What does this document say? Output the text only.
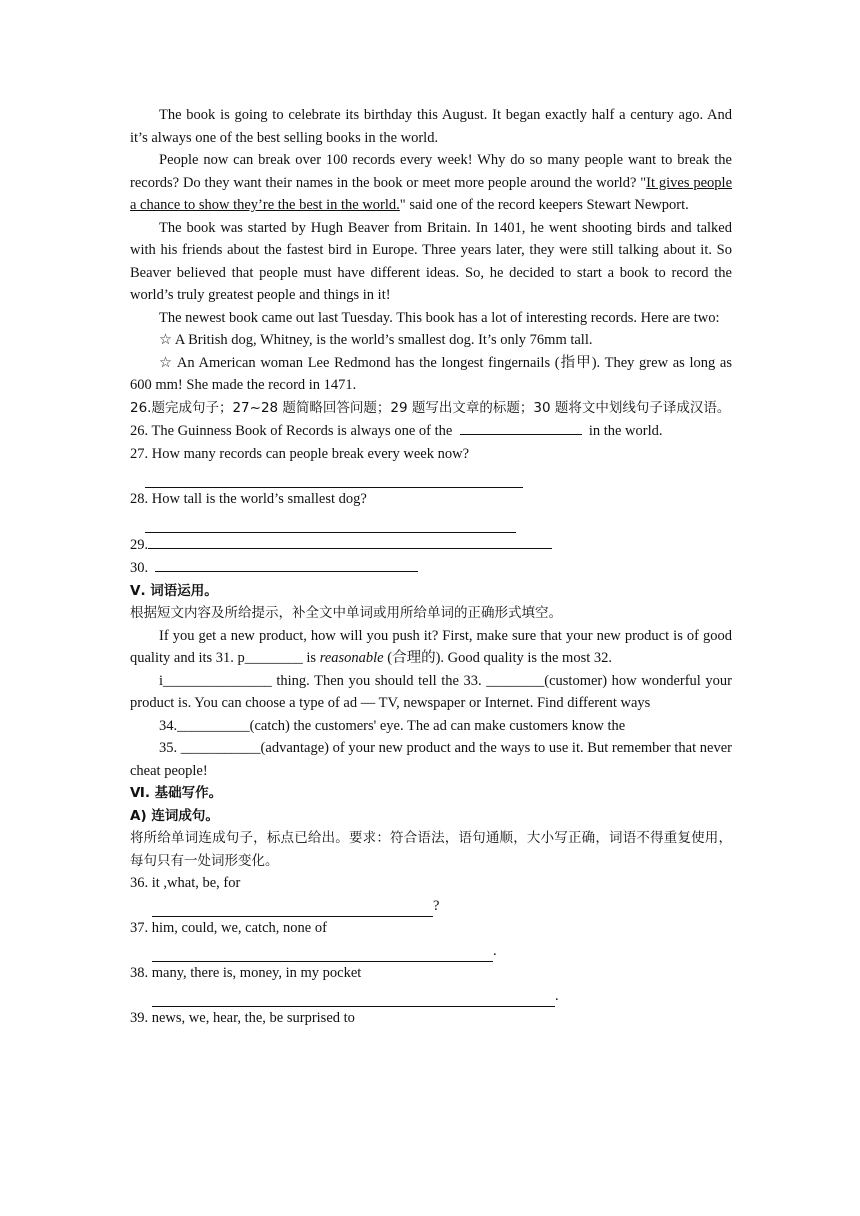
The book is going to celebrate its birthday this August. It began exactly half a century ago. And it’s always one of the best selling books in the world.

People now can break over 100 records every week! Why do so many people want to break the records? Do they want their names in the book or meet more people around the world? "It gives people a chance to show they’re the best in the world." said one of the record keepers Stewart Newport.

The book was started by Hugh Beaver from Britain. In 1401, he went shooting birds and talked with his friends about the fastest bird in Europe. Three years later, they were still talking about it. So Beaver believed that people must have different ideas. So, he decided to start a book to record the world’s truly greatest people and things in it!

The newest book came out last Tuesday. This book has a lot of interesting records. Here are two:

☆ A British dog, Whitney, is the world’s smallest dog. It’s only 76mm tall.

☆ An American woman Lee Redmond has the longest fingernails (指甲). They grew as long as 600 mm! She made the record in 1471.

26.题完成句子；27~28 题简略回答问题；29 题写出文章的标题；30 题将文中划线句子译成汉语。

26. The Guinness Book of Records is always one of the	in the world.

27. How many records can people break every week now?

28. How tall is the world’s smallest dog?

29.

30.

Ⅴ. 词语运用。

根据短文内容及所给提示，补全文中单词或用所给单词的正确形式填空。

If you get a new product, how will you push it? First, make sure that your new product is of good quality and its 31. p________ is reasonable (合理的). Good quality is the most 32.

i_______________ thing. Then you should tell the 33. ________(customer) how wonderful your product is. You can choose a type of ad — TV, newspaper or Internet. Find different ways

34.__________(catch) the customers' eye. The ad can make customers know the

35. ___________(advantage) of your new product and the ways to use it. But remember that never cheat people!

Ⅵ. 基础写作。

A) 连词成句。

将所给单词连成句子，标点已给出。要求：符合语法，语句通顺，大小写正确，词语不得重复使用，每句只有一处词形变化。

36. it ,what, be, for

?

37. him, could, we, catch, none of

.

38. many, there is, money, in my pocket

.

39. news, we, hear, the, be surprised to
